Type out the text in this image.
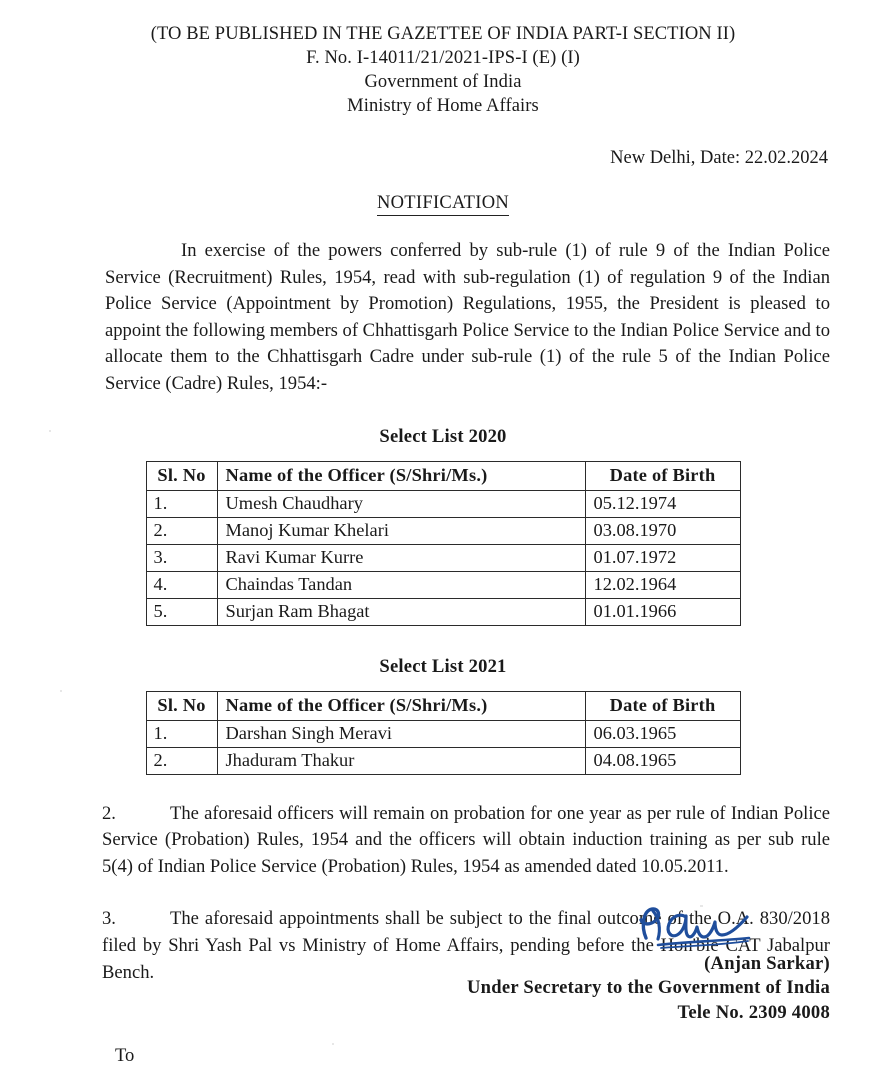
(TO BE PUBLISHED IN THE GAZETTEE OF INDIA PART-I SECTION II)
F. No. I-14011/21/2021-IPS-I (E) (I)
Government of India
Ministry of Home Affairs
New Delhi, Date: 22.02.2024
NOTIFICATION
In exercise of the powers conferred by sub-rule (1) of rule 9 of the Indian Police Service (Recruitment) Rules, 1954, read with sub-regulation (1) of regulation 9 of the Indian Police Service (Appointment by Promotion) Regulations, 1955, the President is pleased to appoint the following members of Chhattisgarh Police Service to the Indian Police Service and to allocate them to the Chhattisgarh Cadre under sub-rule (1) of the rule 5 of the Indian Police Service (Cadre) Rules, 1954:-
Select List 2020
Sl. No	Name of the Officer (S/Shri/Ms.)	Date of Birth
1.	Umesh Chaudhary	05.12.1974
2.	Manoj Kumar Khelari	03.08.1970
3.	Ravi Kumar Kurre	01.07.1972
4.	Chaindas Tandan	12.02.1964
5.	Surjan Ram Bhagat	01.01.1966
Select List 2021
Sl. No	Name of the Officer (S/Shri/Ms.)	Date of Birth
1.	Darshan Singh Meravi	06.03.1965
2.	Jhaduram Thakur	04.08.1965
2.	The aforesaid officers will remain on probation for one year as per rule of Indian Police Service (Probation) Rules, 1954 and the officers will obtain induction training as per sub rule 5(4) of Indian Police Service (Probation) Rules, 1954 as amended dated 10.05.2011.
3.	The aforesaid appointments shall be subject to the final outcome of the O.A. 830/2018 filed by Shri Yash Pal vs Ministry of Home Affairs, pending before the Hon'ble CAT Jabalpur Bench.	(Anjan Sarkar)
Under Secretary to the Government of India
Tele No. 2309 4008
To
